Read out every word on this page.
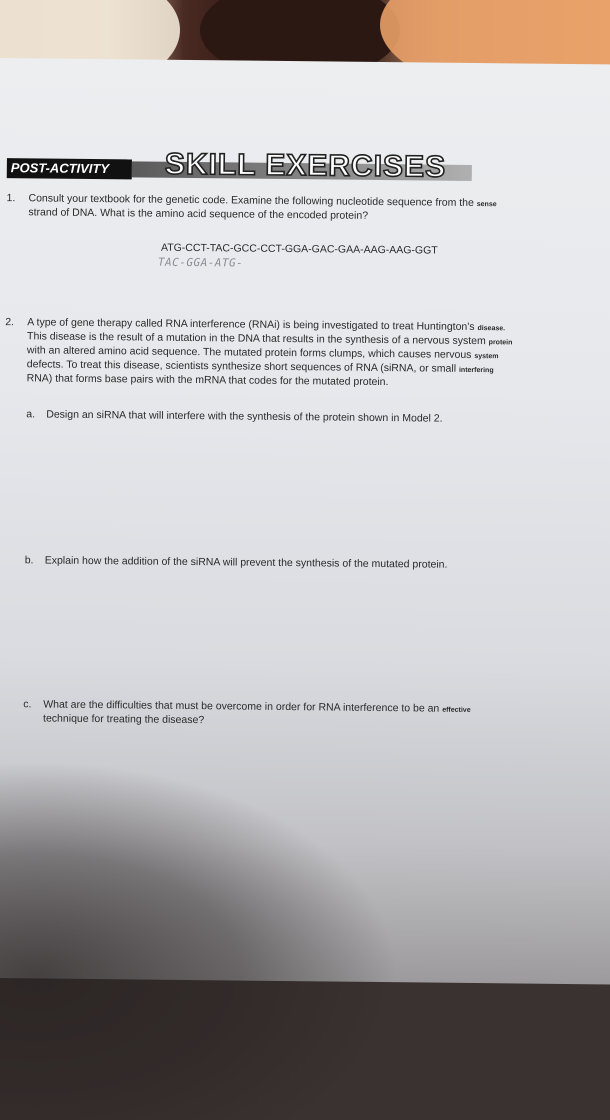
POST-ACTIVITY	SKILL EXERCISES
1. Consult your textbook for the genetic code. Examine the following nucleotide sequence from the sense
strand of DNA. What is the amino acid sequence of the encoded protein?
ATG-CCT-TAC-GCC-CCT-GGA-GAC-GAA-AAG-AAG-GGT
TAC-GGA-ATG-
2. A type of gene therapy called RNA interference (RNAi) is being investigated to treat Huntington's disease.
This disease is the result of a mutation in the DNA that results in the synthesis of a nervous system protein
with an altered amino acid sequence. The mutated protein forms clumps, which causes nervous system
defects. To treat this disease, scientists synthesize short sequences of RNA (siRNA, or small interfering
RNA) that forms base pairs with the mRNA that codes for the mutated protein.
a. Design an siRNA that will interfere with the synthesis of the protein shown in Model 2.
b. Explain how the addition of the siRNA will prevent the synthesis of the mutated protein.
c. What are the difficulties that must be overcome in order for RNA interference to be an effective
technique for treating the disease?
